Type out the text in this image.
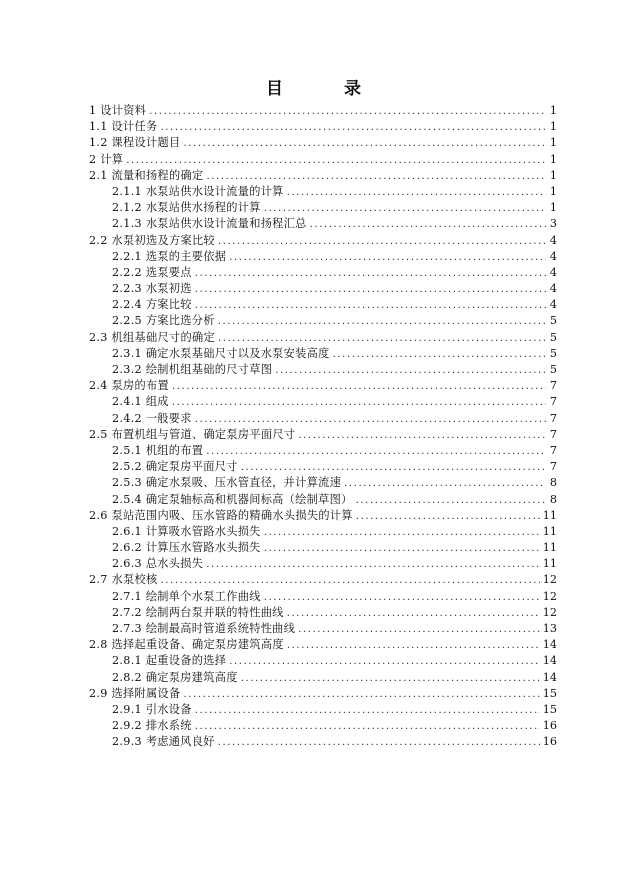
目　录
1 设计资料 .....	1
1.1 设计任务 .....	1
1.2 课程设计题目 .....	1
2 计算 .....	1
2.1 流量和扬程的确定 .....	1
2.1.1 水泵站供水设计流量的计算 .....	1
2.1.2 水泵站供水扬程的计算 .....	1
2.1.3 水泵站供水设计流量和扬程汇总 .....	3
2.2 水泵初选及方案比较 .....	4
2.2.1 选泵的主要依据 .....	4
2.2.2 选泵要点 .....	4
2.2.3 水泵初选 .....	4
2.2.4 方案比较 .....	4
2.2.5 方案比选分析 .....	5
2.3 机组基础尺寸的确定 .....	5
2.3.1 确定水泵基础尺寸以及水泵安装高度 .....	5
2.3.2 绘制机组基础的尺寸草图 .....	5
2.4 泵房的布置 .....	7
2.4.1 组成 .....	7
2.4.2 一般要求 .....	7
2.5 布置机组与管道、确定泵房平面尺寸 .....	7
2.5.1 机组的布置 .....	7
2.5.2 确定泵房平面尺寸 .....	7
2.5.3 确定水泵吸、压水管直径，并计算流速 .....	8
2.5.4 确定泵轴标高和机器间标高（绘制草图） .....	8
2.6 泵站范围内吸、压水管路的精确水头损失的计算 .....	11
2.6.1 计算吸水管路水头损失 .....	11
2.6.2 计算压水管路水头损失 .....	11
2.6.3 总水头损失 .....	11
2.7 水泵校核 .....	12
2.7.1 绘制单个水泵工作曲线 .....	12
2.7.2 绘制两台泵并联的特性曲线 .....	12
2.7.3 绘制最高时管道系统特性曲线 .....	13
2.8 选择起重设备、确定泵房建筑高度 .....	14
2.8.1 起重设备的选择 .....	14
2.8.2 确定泵房建筑高度 .....	14
2.9 选择附属设备 .....	15
2.9.1 引水设备 .....	15
2.9.2 排水系统 .....	16
2.9.3 考虑通风良好 .....	16
